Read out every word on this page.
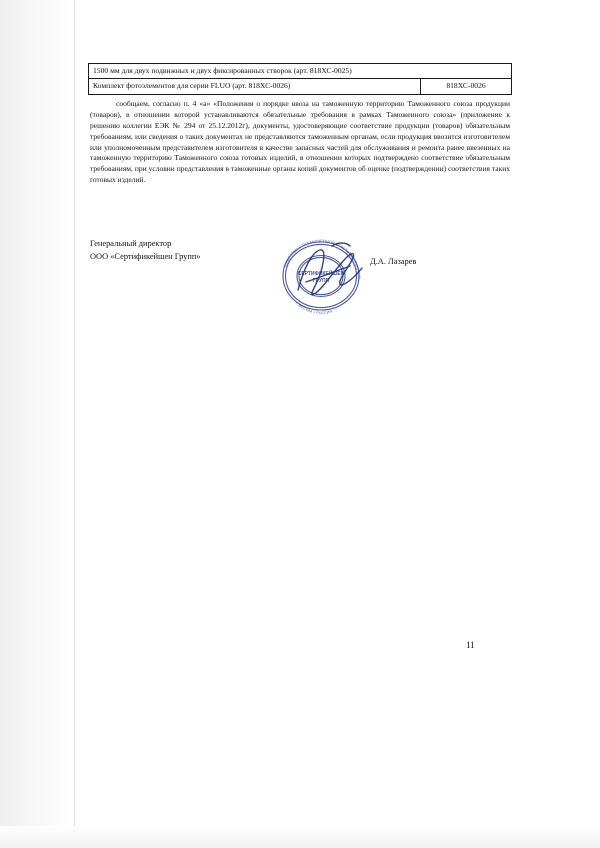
1500 мм для двух подвижных и двух фиксированных створок (арт. 818ХС-0025)
Комплект фотоэлементов для серии FLUO (арт. 818ХС-0026)	818ХС-0026
сообщаем, согласно п. 4 «а» «Положения о порядке ввоза на таможенную территорию Таможенного союза продукции (товаров), в отношении которой устанавливаются обязательные требования в рамках Таможенного союза» (приложение к решению коллегии ЕЭК № 294 от 25.12.2012г), документы, удостоверяющие соответствие продукции (товаров) обязательным требованиям, или сведения о таких документах не представляются таможенным органам, если продукция ввозится изготовителем или уполномоченным представителем изготовителя в качестве запасных частей для обслуживания и ремонта ранее ввезенных на таможенную территорию Таможенного союза готовых изделий, в отношении которых подтверждено соответствие обязательным требованиям, при условии представления в таможенные органы копий документов об оценке (подтверждении) соответствия таких готовых изделий.
Генеральный директор
ООО «Сертификейшен Групп»
Д.А. Лазарев
ОБЩЕСТВО С ОГРАНИЧЕННОЙ ОТВЕТСТВЕННОСТЬЮ
г. МОСКВА • РОССИЯ
СЕРТИФИКЕЙШЕН
ГРУПП
11
